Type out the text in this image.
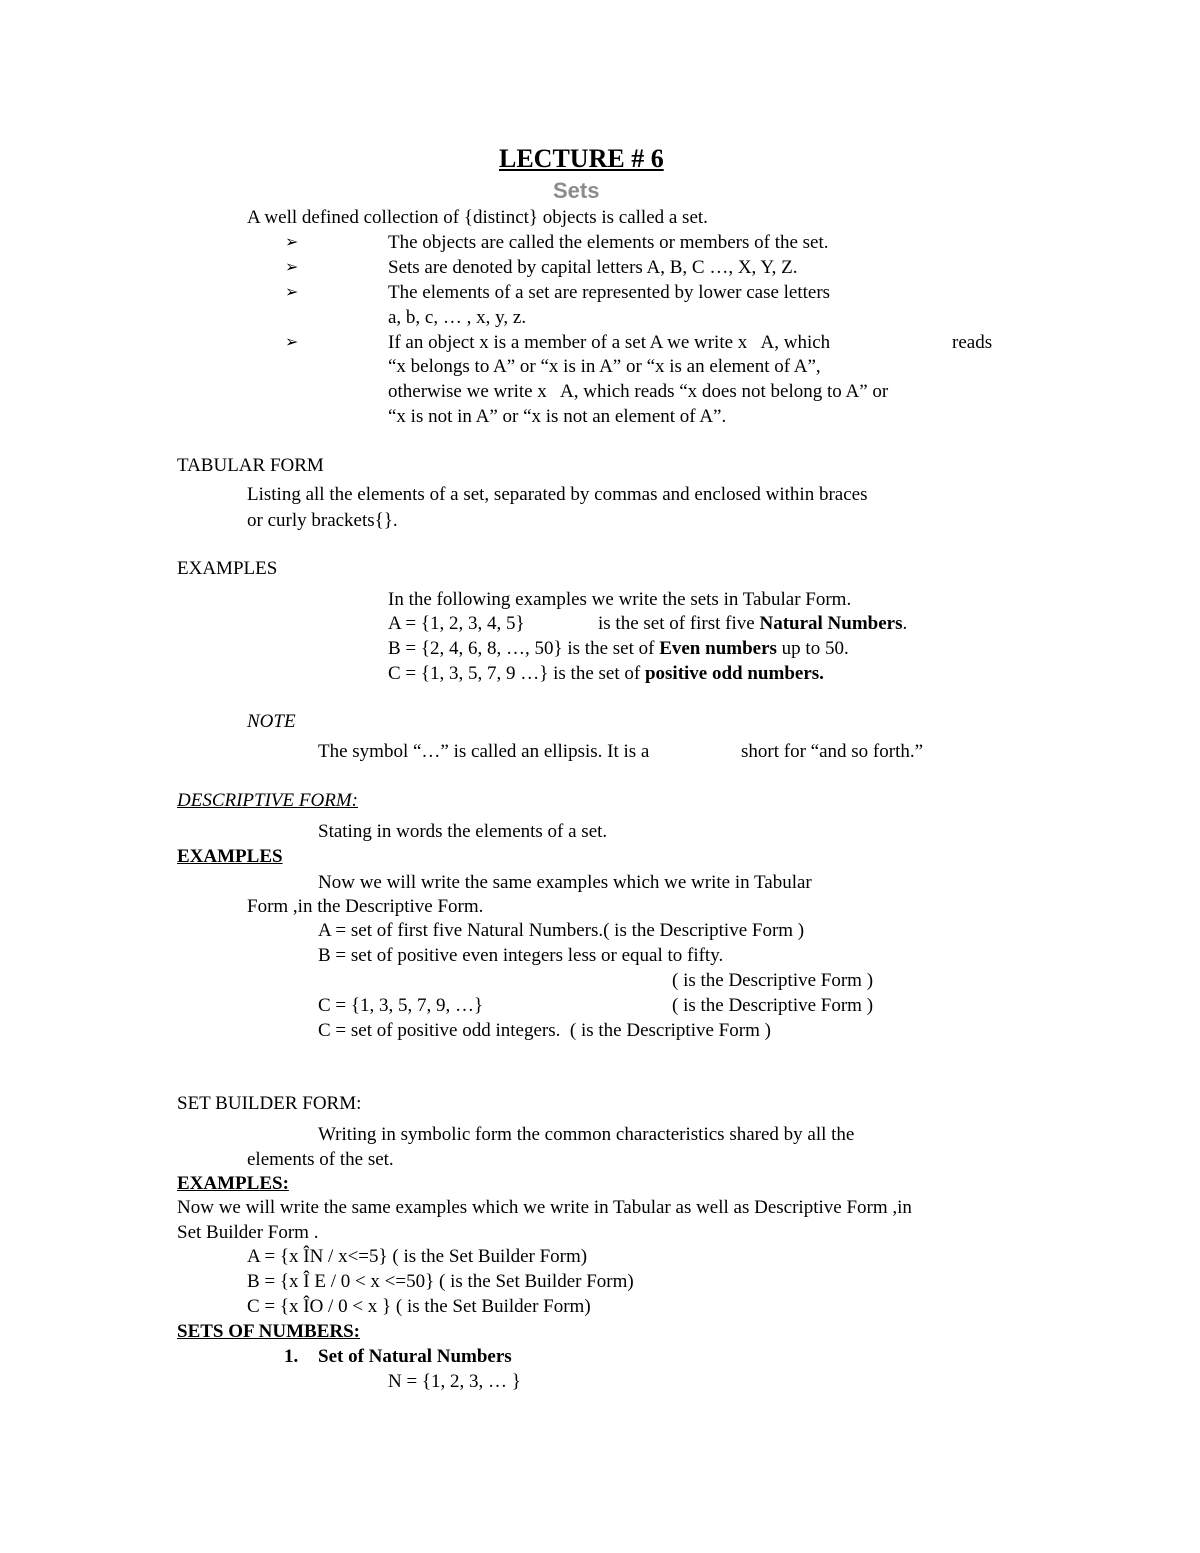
LECTURE # 6
Sets
A well defined collection of {distinct} objects is called a set.
➢	The objects are called the elements or members of the set.
➢	Sets are denoted by capital letters A, B, C …, X, Y, Z.
➢	The elements of a set are represented by lower case letters
a, b, c, … , x, y, z.
➢	If an object x is a member of a set A we write x   A, which	reads
“x belongs to A” or “x is in A” or “x is an element of A”,
otherwise we write x   A, which reads “x does not belong to A” or
“x is not in A” or “x is not an element of A”.
TABULAR FORM
Listing all the elements of a set, separated by commas and enclosed within braces
or curly brackets{}.
EXAMPLES
In the following examples we write the sets in Tabular Form.
A = {1, 2, 3, 4, 5}	is the set of first five Natural Numbers.
B = {2, 4, 6, 8, …, 50} is the set of Even numbers up to 50.
C = {1, 3, 5, 7, 9 …} is the set of positive odd numbers.
NOTE
The symbol “…” is called an ellipsis. It is a	short for “and so forth.”
DESCRIPTIVE FORM:
Stating in words the elements of a set.
EXAMPLES
Now we will write the same examples which we write in Tabular
Form ,in the Descriptive Form.
A = set of first five Natural Numbers.( is the Descriptive Form )
B = set of positive even integers less or equal to fifty.
( is the Descriptive Form )
C = {1, 3, 5, 7, 9, …}	( is the Descriptive Form )
C = set of positive odd integers.  ( is the Descriptive Form )
SET BUILDER FORM:
Writing in symbolic form the common characteristics shared by all the
elements of the set.
EXAMPLES:
Now we will write the same examples which we write in Tabular as well as Descriptive Form ,in
Set Builder Form .
A = {x ÎN / x<=5} ( is the Set Builder Form)
B = {x Î E / 0 < x <=50} ( is the Set Builder Form)
C = {x ÎO / 0 < x } ( is the Set Builder Form)
SETS OF NUMBERS:
1. Set of Natural Numbers
N = {1, 2, 3, … }
